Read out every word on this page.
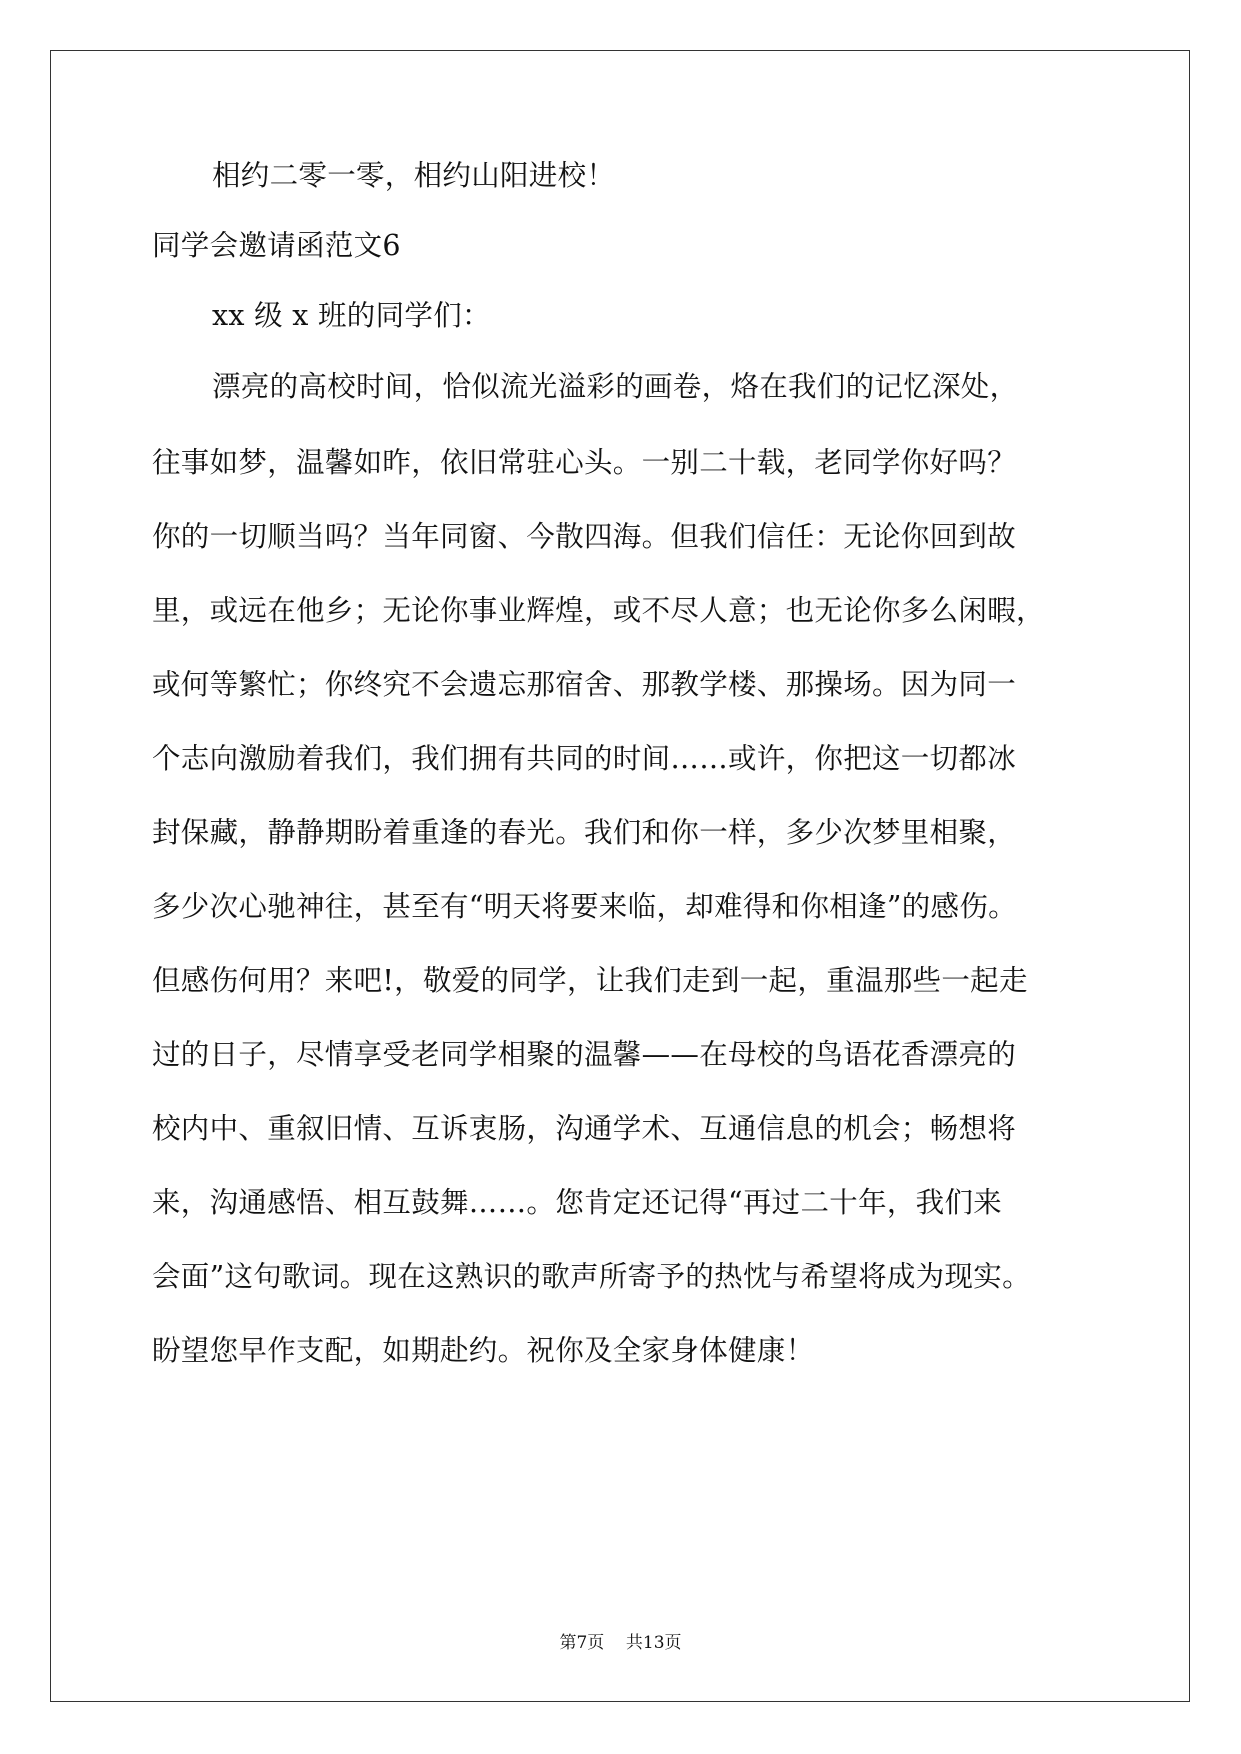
相约二零一零，相约山阳进校！
同学会邀请函范文6
xx 级 x 班的同学们：
漂亮的高校时间，恰似流光溢彩的画卷，烙在我们的记忆深处，
往事如梦，温馨如昨，依旧常驻心头。一别二十载，老同学你好吗？
你的一切顺当吗？当年同窗、今散四海。但我们信任：无论你回到故
里，或远在他乡；无论你事业辉煌，或不尽人意；也无论你多么闲暇，
或何等繁忙；你终究不会遗忘那宿舍、那教学楼、那操场。因为同一
个志向激励着我们，我们拥有共同的时间……或许，你把这一切都冰
封保藏，静静期盼着重逢的春光。我们和你一样，多少次梦里相聚，
多少次心驰神往，甚至有“明天将要来临，却难得和你相逢”的感伤。
但感伤何用？来吧!，敬爱的同学，让我们走到一起，重温那些一起走
过的日子，尽情享受老同学相聚的温馨——在母校的鸟语花香漂亮的
校内中、重叙旧情、互诉衷肠，沟通学术、互通信息的机会；畅想将
来，沟通感悟、相互鼓舞……。您肯定还记得“再过二十年，我们来
会面”这句歌词。现在这熟识的歌声所寄予的热忱与希望将成为现实。
盼望您早作支配，如期赴约。祝你及全家身体健康！
第7页    共13页
